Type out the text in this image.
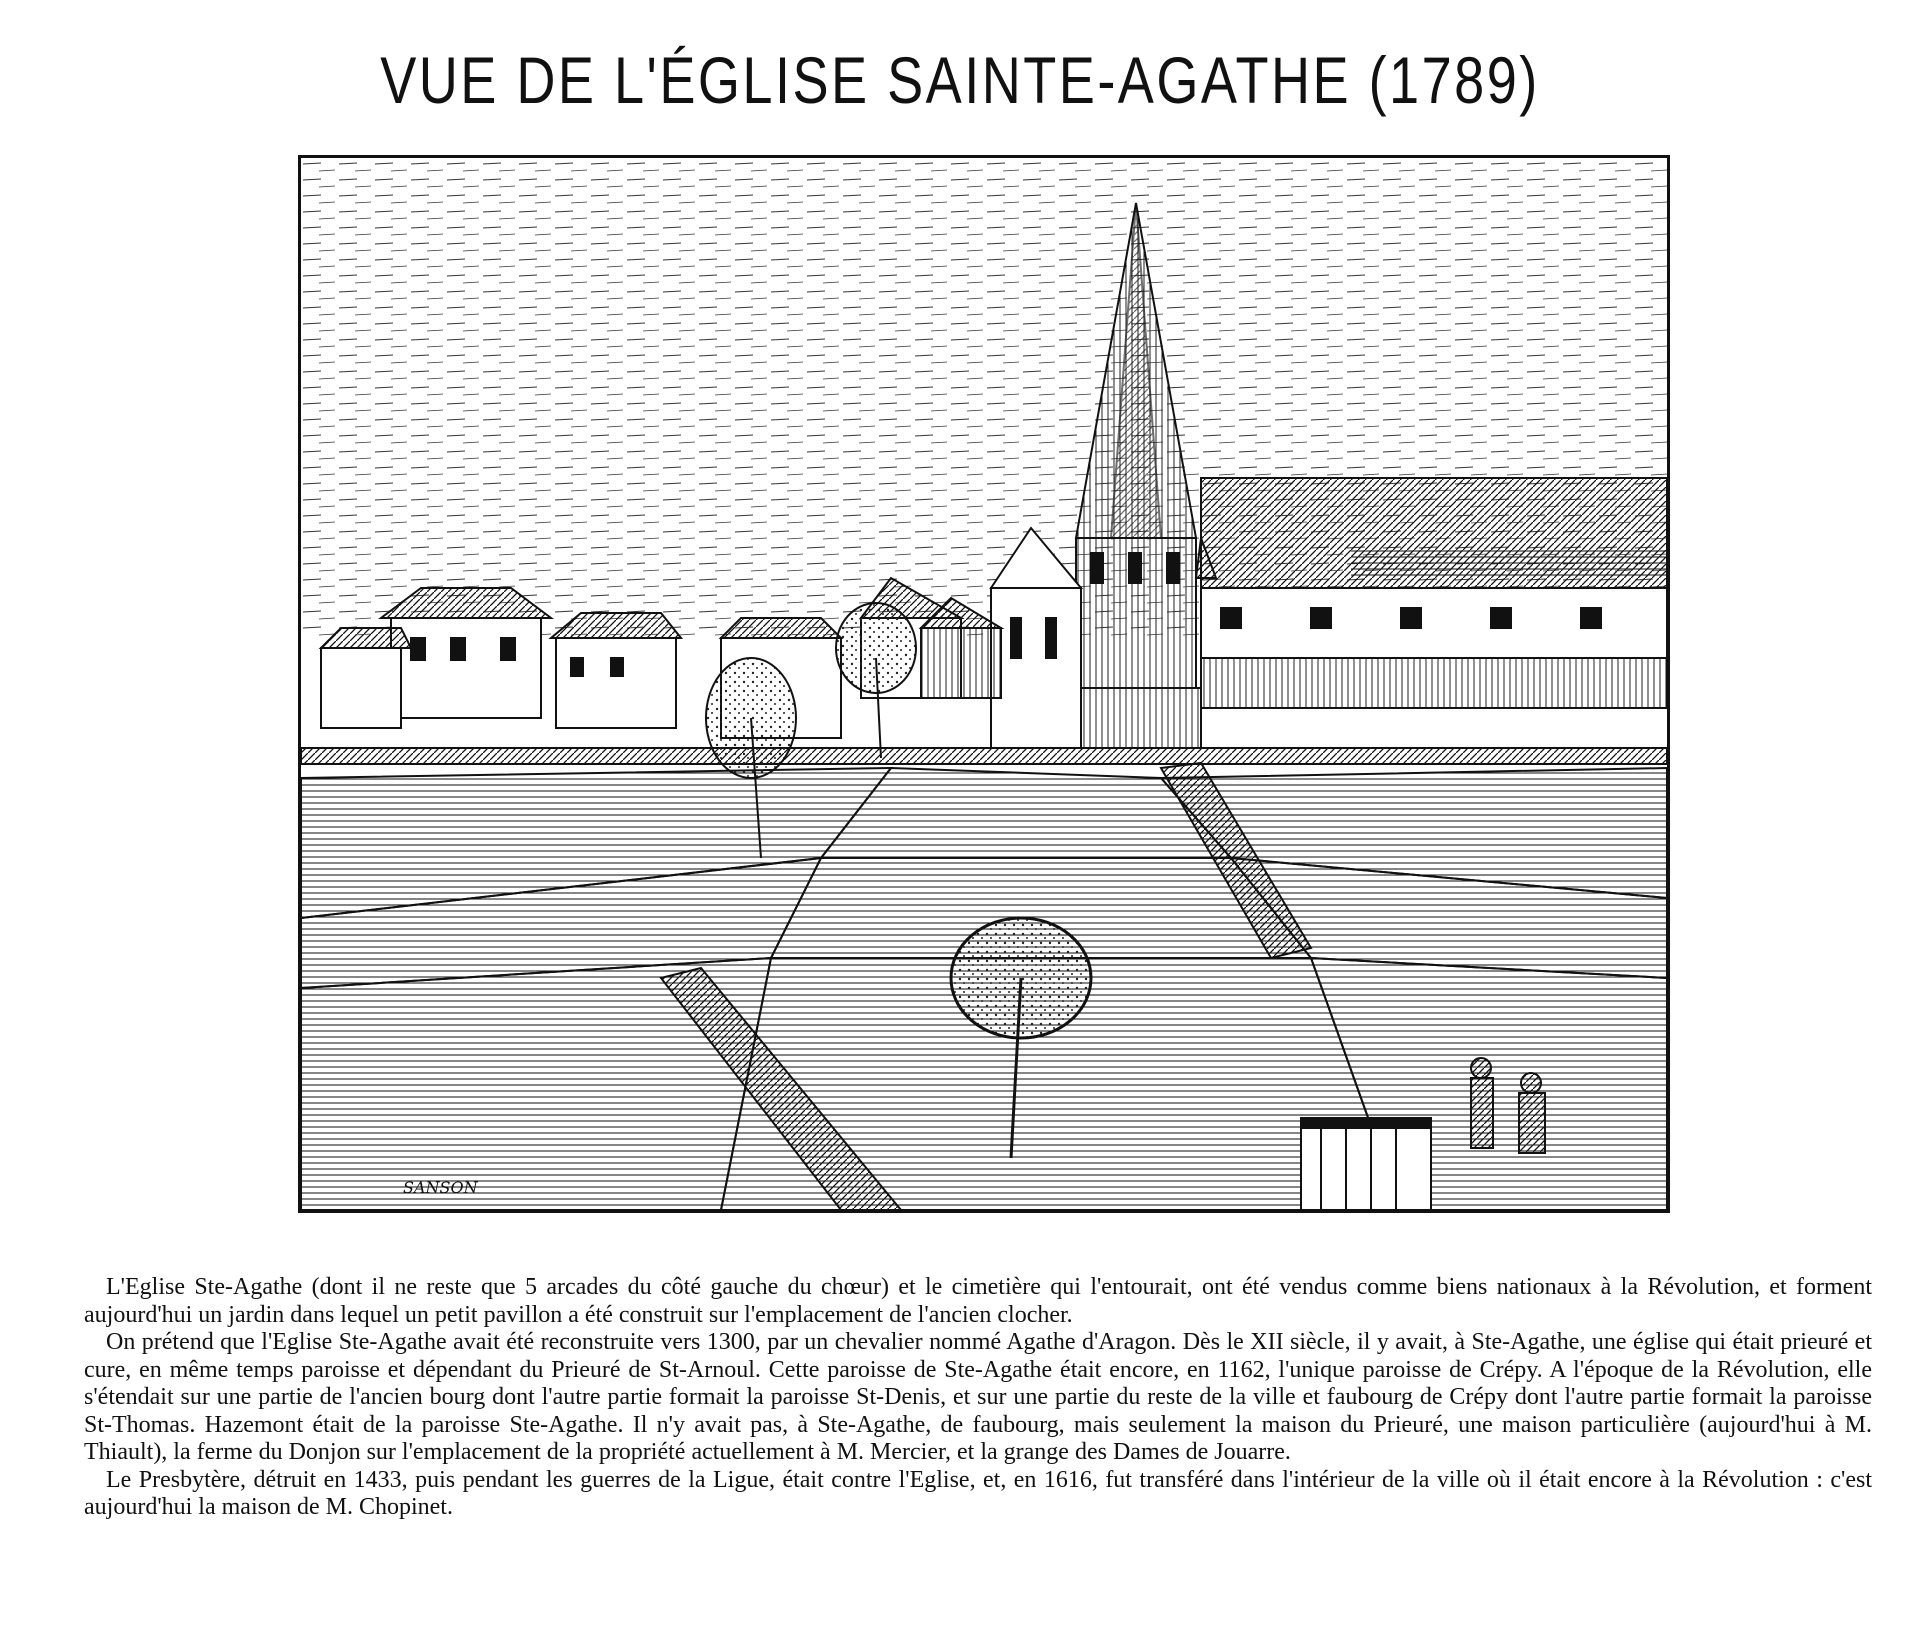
VUE DE L'ÉGLISE SAINTE-AGATHE (1789)
SANSON

L'Eglise Ste-Agathe (dont il ne reste que 5 arcades du côté gauche du chœur) et le cimetière qui l'entourait, ont été vendus comme biens nationaux à la Révolution, et forment aujourd'hui un jardin dans lequel un petit pavillon a été construit sur l'emplacement de l'ancien clocher.

On prétend que l'Eglise Ste-Agathe avait été reconstruite vers 1300, par un chevalier nommé Agathe d'Aragon. Dès le XII siècle, il y avait, à Ste-Agathe, une église qui était prieuré et cure, en même temps paroisse et dépendant du Prieuré de St-Arnoul. Cette paroisse de Ste-Agathe était encore, en 1162, l'unique paroisse de Crépy. A l'époque de la Révolution, elle s'étendait sur une partie de l'ancien bourg dont l'autre partie formait la paroisse St-Denis, et sur une partie du reste de la ville et faubourg de Crépy dont l'autre partie formait la paroisse St-Thomas. Hazemont était de la paroisse Ste-Agathe. Il n'y avait pas, à Ste-Agathe, de faubourg, mais seulement la maison du Prieuré, une maison particulière (aujourd'hui à M. Thiault), la ferme du Donjon sur l'emplacement de la propriété actuellement à M. Mercier, et la grange des Dames de Jouarre.

Le Presbytère, détruit en 1433, puis pendant les guerres de la Ligue, était contre l'Eglise, et, en 1616, fut transféré dans l'intérieur de la ville où il était encore à la Révolution : c'est aujourd'hui la maison de M. Chopinet.
